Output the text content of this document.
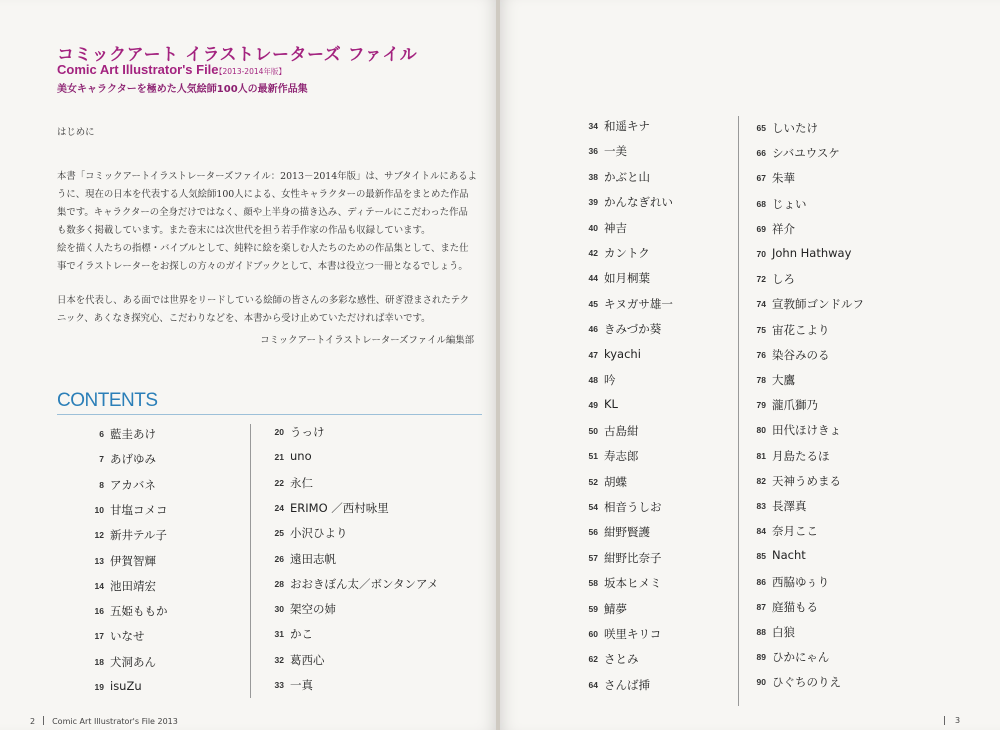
コミックアート イラストレーターズ ファイル
Comic Art Illustrator's File
【2013-2014年版】
美女キャラクターを極めた人気絵師100人の最新作品集
はじめに
本書「コミックアートイラストレーターズファイル：2013－2014年版」は、サブタイトルにあるように、現在の日本を代表する人気絵師100人による、女性キャラクターの最新作品をまとめた作品集です。キャラクターの全身だけではなく、顔や上半身の描き込み、ディテールにこだわった作品も数多く掲載しています。また巻末には次世代を担う若手作家の作品も収録しています。
絵を描く人たちの指標・バイブルとして、純粋に絵を楽しむ人たちのための作品集として、また仕事でイラストレーターをお探しの方々のガイドブックとして、本書は役立つ一冊となるでしょう。
日本を代表し、ある面では世界をリードしている絵師の皆さんの多彩な感性、研ぎ澄まされたテクニック、あくなき探究心、こだわりなどを、本書から受け止めていただければ幸いです。
コミックアートイラストレーターズファイル編集部
CONTENTS
6 藍圭あけ
7 あげゆみ
8 アカバネ
10 甘塩コメコ
12 新井テル子
13 伊賀智輝
14 池田靖宏
16 五姫ももか
17 いなせ
18 犬洞あん
19 isuZu
20 うっけ
21 uno
22 永仁
24 ERIMO ／西村咏里
25 小沢ひより
26 遠田志帆
28 おおきぼん太／ボンタンアメ
30 架空の姉
31 かこ
32 葛西心
33 一真
2 Comic Art Illustrator's File 2013
34 和遥キナ
36 一美
38 かぶと山
39 かんなぎれい
40 神吉
42 カントク
44 如月桐葉
45 キヌガサ雄一
46 きみづか葵
47 kyachi
48 吟
49 KL
50 古島紺
51 寿志郎
52 胡蝶
54 相音うしお
56 紺野賢護
57 紺野比奈子
58 坂本ヒメミ
59 鯖夢
60 咲里キリコ
62 さとみ
64 さんば挿
65 しいたけ
66 シバユウスケ
67 朱華
68 じょい
69 祥介
70 John Hathway
72 しろ
74 宣教師ゴンドルフ
75 宙花こより
76 染谷みのる
78 大鷹
79 瀧爪獅乃
80 田代ほけきょ
81 月島たるほ
82 天神うめまる
83 長澤真
84 奈月ここ
85 Nacht
86 西脇ゆぅり
87 庭猫もる
88 白狼
89 ひかにゃん
90 ひぐちのりえ
3
